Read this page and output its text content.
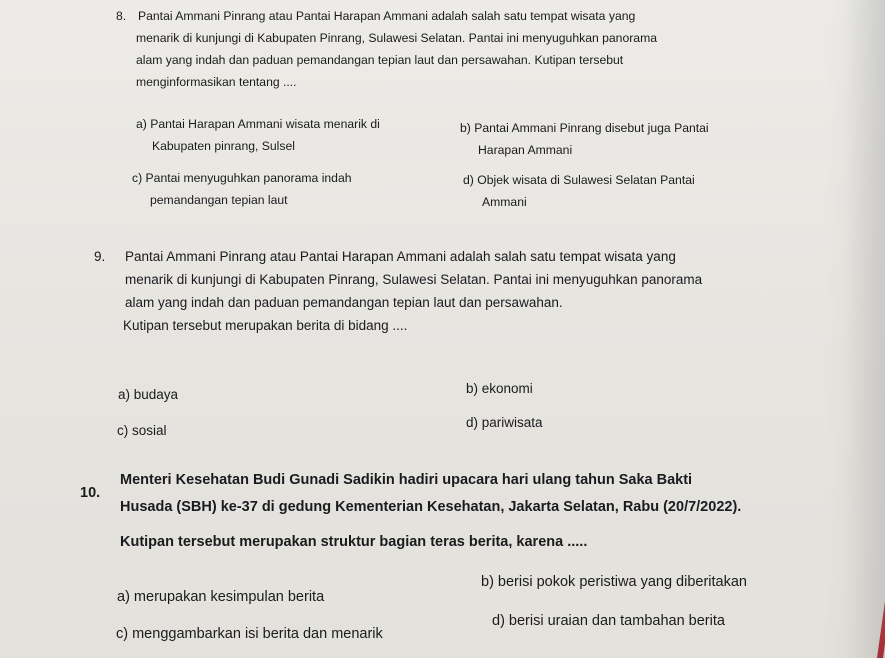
8. Pantai Ammani Pinrang atau Pantai Harapan Ammani adalah salah satu tempat wisata yang
menarik di kunjungi di Kabupaten Pinrang, Sulawesi Selatan. Pantai ini menyuguhkan panorama
alam yang indah dan paduan pemandangan tepian laut dan persawahan. Kutipan tersebut
menginformasikan tentang ....
a) Pantai Harapan Ammani wisata menarik di
Kabupaten pinrang, Sulsel
b) Pantai Ammani Pinrang disebut juga Pantai
Harapan Ammani
c) Pantai menyuguhkan panorama indah
pemandangan tepian laut
d) Objek wisata di Sulawesi Selatan Pantai
Ammani
9. Pantai Ammani Pinrang atau Pantai Harapan Ammani adalah salah satu tempat wisata yang
menarik di kunjungi di Kabupaten Pinrang, Sulawesi Selatan. Pantai ini menyuguhkan panorama
alam yang indah dan paduan pemandangan tepian laut dan persawahan.
Kutipan tersebut merupakan berita di bidang ....
a) budaya	b) ekonomi
c) sosial
d) pariwisata
10.
Menteri Kesehatan Budi Gunadi Sadikin hadiri upacara hari ulang tahun Saka Bakti
Husada (SBH) ke-37 di gedung Kementerian Kesehatan, Jakarta Selatan, Rabu (20/7/2022).
Kutipan tersebut merupakan struktur bagian teras berita, karena .....
a) merupakan kesimpulan berita
b) berisi pokok peristiwa yang diberitakan
c) menggambarkan isi berita dan menarik
d) berisi uraian dan tambahan berita
